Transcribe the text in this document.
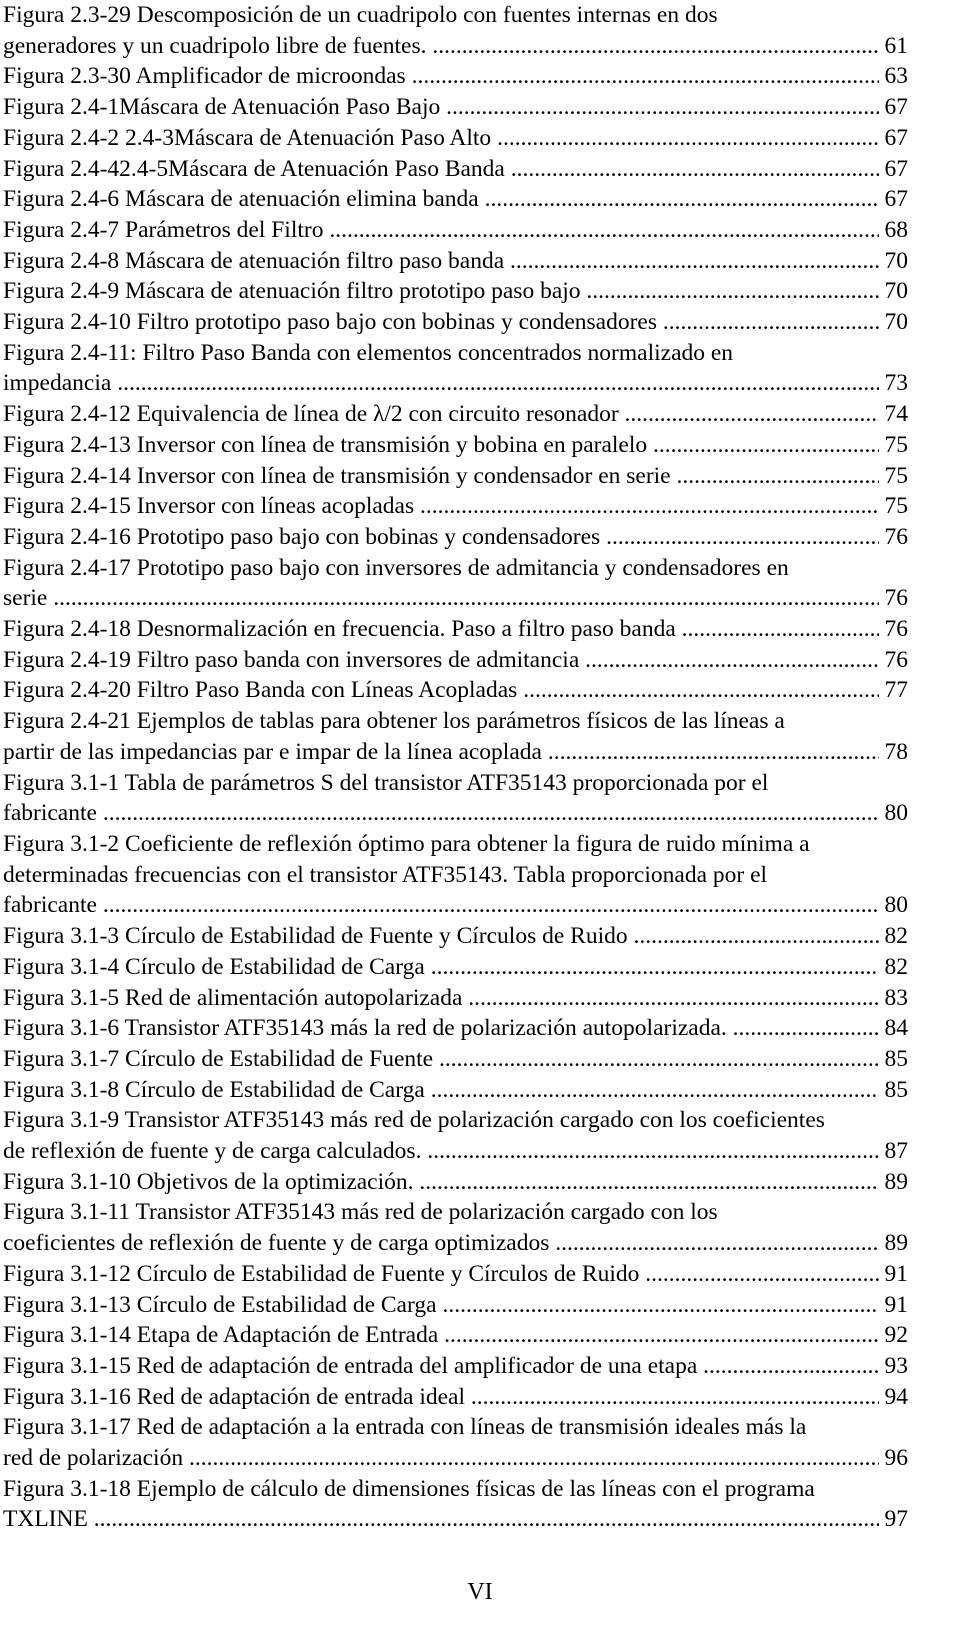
Figura 2.3-29 Descomposición de un cuadripolo con fuentes internas en dos
generadores y un cuadripolo libre de fuentes. .....	61
Figura 2.3-30 Amplificador de microondas .....	63
Figura 2.4-1Máscara de Atenuación Paso Bajo .....	67
Figura 2.4-2 2.4-3Máscara de Atenuación Paso Alto .....	67
Figura 2.4-42.4-5Máscara de Atenuación Paso Banda .....	67
Figura 2.4-6 Máscara de atenuación elimina banda .....	67
Figura 2.4-7 Parámetros del Filtro .....	68
Figura 2.4-8 Máscara de atenuación filtro paso banda .....	70
Figura 2.4-9 Máscara de atenuación filtro prototipo paso bajo .....	70
Figura 2.4-10 Filtro prototipo paso bajo con bobinas y condensadores .....	70
Figura 2.4-11: Filtro Paso Banda con elementos concentrados normalizado en
impedancia .....	73
Figura 2.4-12 Equivalencia de línea de λ/2 con circuito resonador .....	74
Figura 2.4-13 Inversor con línea de transmisión y bobina en paralelo .....	75
Figura 2.4-14 Inversor con línea de transmisión y condensador en serie .....	75
Figura 2.4-15 Inversor con líneas acopladas .....	75
Figura 2.4-16 Prototipo paso bajo con bobinas y condensadores .....	76
Figura 2.4-17 Prototipo paso bajo con inversores de admitancia y condensadores en
serie .....	76
Figura 2.4-18 Desnormalización en frecuencia. Paso a filtro paso banda .....	76
Figura 2.4-19 Filtro paso banda con inversores de admitancia .....	76
Figura 2.4-20 Filtro Paso Banda con Líneas Acopladas .....	77
Figura 2.4-21 Ejemplos de tablas para obtener los parámetros físicos de las líneas a
partir de las impedancias par e impar de la línea acoplada .....	78
Figura 3.1-1 Tabla de parámetros S del transistor ATF35143 proporcionada por el
fabricante .....	80
Figura 3.1-2 Coeficiente de reflexión óptimo para obtener la figura de ruido mínima a
determinadas frecuencias con el transistor ATF35143. Tabla proporcionada por el
fabricante .....	80
Figura 3.1-3 Círculo de Estabilidad de Fuente y Círculos de Ruido .....	82
Figura 3.1-4 Círculo de Estabilidad de Carga .....	82
Figura 3.1-5 Red de alimentación autopolarizada .....	83
Figura 3.1-6 Transistor ATF35143 más la red de polarización autopolarizada. .....	84
Figura 3.1-7 Círculo de Estabilidad de Fuente .....	85
Figura 3.1-8 Círculo de Estabilidad de Carga .....	85
Figura 3.1-9 Transistor ATF35143 más red de polarización cargado con los coeficientes
de reflexión de fuente y de carga calculados. .....	87
Figura 3.1-10 Objetivos de la optimización. .....	89
Figura 3.1-11 Transistor ATF35143 más red de polarización cargado con los
coeficientes de reflexión de fuente y de carga optimizados .....	89
Figura 3.1-12 Círculo de Estabilidad de Fuente y Círculos de Ruido .....	91
Figura 3.1-13 Círculo de Estabilidad de Carga .....	91
Figura 3.1-14 Etapa de Adaptación de Entrada .....	92
Figura 3.1-15 Red de adaptación de entrada del amplificador de una etapa .....	93
Figura 3.1-16 Red de adaptación de entrada ideal .....	94
Figura 3.1-17 Red de adaptación a la entrada con líneas de transmisión ideales más la
red de polarización .....	96
Figura 3.1-18 Ejemplo de cálculo de dimensiones físicas de las líneas con el programa
TXLINE .....	97
VI
